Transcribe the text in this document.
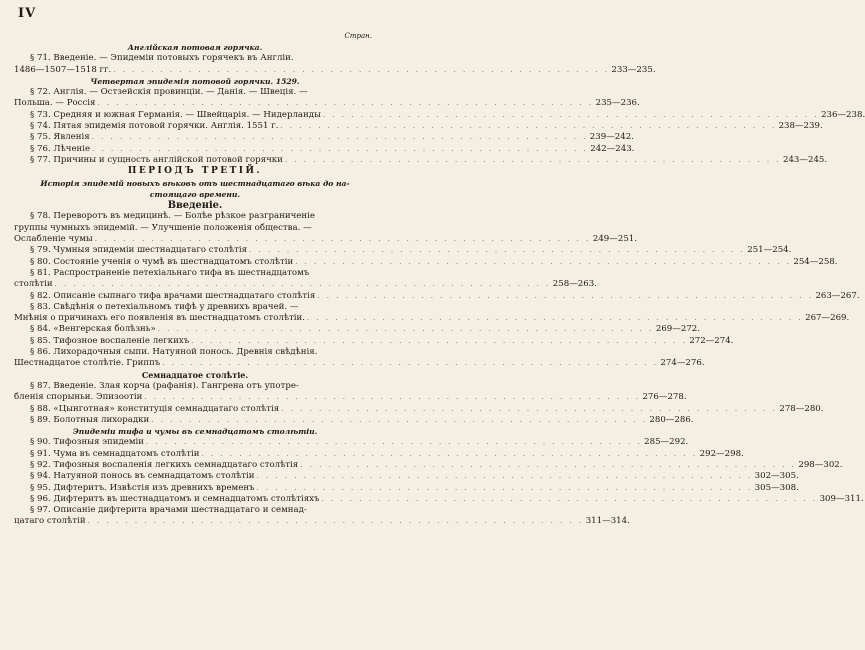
IV
Стран.
Англійская потовая горячка.
§ 71. Введеніе. — Эпидеміи потовыхъ горячекъ въ Англіи.
1486—1507—1518 гг. . . .	233—235.
Четвертая эпидемія потовой горячки. 1529.
§ 72. Англія. — Остзейскія провинціи. — Данія. — Швеція. —
Польша. — Россія . . .	235—236.
§ 73. Средняя и южная Германія. — Швейцарія. — Нидерланды . . .	236—238.
§ 74. Пятая эпидемія потовой горячки. Англія. 1551 г. . . .	238—239.
§ 75. Явленія . . .	239—242.
§ 76. Лѣченіе . . .	242—243.
§ 77. Причины и сущность англійской потовой горячки . . .	243—245.
ПЕРІОДЪ ТРЕТІЙ.
Исторія эпидемій новыхъ вѣковъ отъ шестнадцатаго вѣка до на-
стоящаго времени.
Введеніе.
§ 78. Переворотъ въ медицинѣ. — Болѣе рѣзкое разграниченіе
группы чумныхъ эпидемій. — Улучшеніе положенія общества. —
Ослабленіе чумы . . .	249—251.
§ 79. Чумныя эпидеміи шестнадцатаго столѣтія . . .	251—254.
§ 80. Состояніе ученія о чумѣ въ шестнадцатомъ столѣтіи . . .	254—258.
§ 81. Распространеніе петехіальнаго тифа въ шестнадцатомъ
столѣтіи . . .	258—263.
§ 82. Описаніе сыпнаго тифа врачами шестнадцатаго столѣтія . . .	263—267.
§ 83. Свѣдѣнія о петехіальномъ тифѣ у древнихъ врачей. —
Мнѣнія о причинахъ его появленія въ шестнадцатомъ столѣтіи. . . .	267—269.
§ 84. «Венгерская болѣзнь» . . .	269—272.
§ 85. Тифозное воспаленіе легкихъ . . .	272—274.
§ 86. Лихорадочныя сыпи. Натуяной понось. Древнія свѣдѣнія.
Шестнадцатое столѣтіе. Гриппъ . . .	274—276.
Семнадцатое столѣтіе.
§ 87. Введеніе. Злая корча (рафанія). Гангрена отъ употре-
бленія спорыньи. Эпизоотіи . . .	276—278.
§ 88. «Цынготная» конституція семнадцатаго столѣтія . . .	278—280.
§ 89. Болотныя лихорадки . . .	280—286.
Эпидеміи тифа и чумы въ семнадцатомъ столѣтіи.
§ 90. Тифозныя эпидеміи . . .	285—292.
§ 91. Чума въ семнадцатомъ столѣтіи . . .	292—298.
§ 92. Тифозныя воспаленія легкихъ семнадцатаго столѣтія . . .	298—302.
§ 94. Натуяной понось въ семнадцатомъ столѣтіи . . .	302—305.
§ 95. Дифтеритъ. Извѣстія изъ древнихъ временъ . . .	305—308.
§ 96. Дифтеритъ въ шестнадцатомъ и семнадцатомъ столѣтіяхъ . . .	309—311.
§ 97. Описаніе дифтерита врачами шестнадцатаго и семнад-
цатаго столѣтій . . .	311—314.
